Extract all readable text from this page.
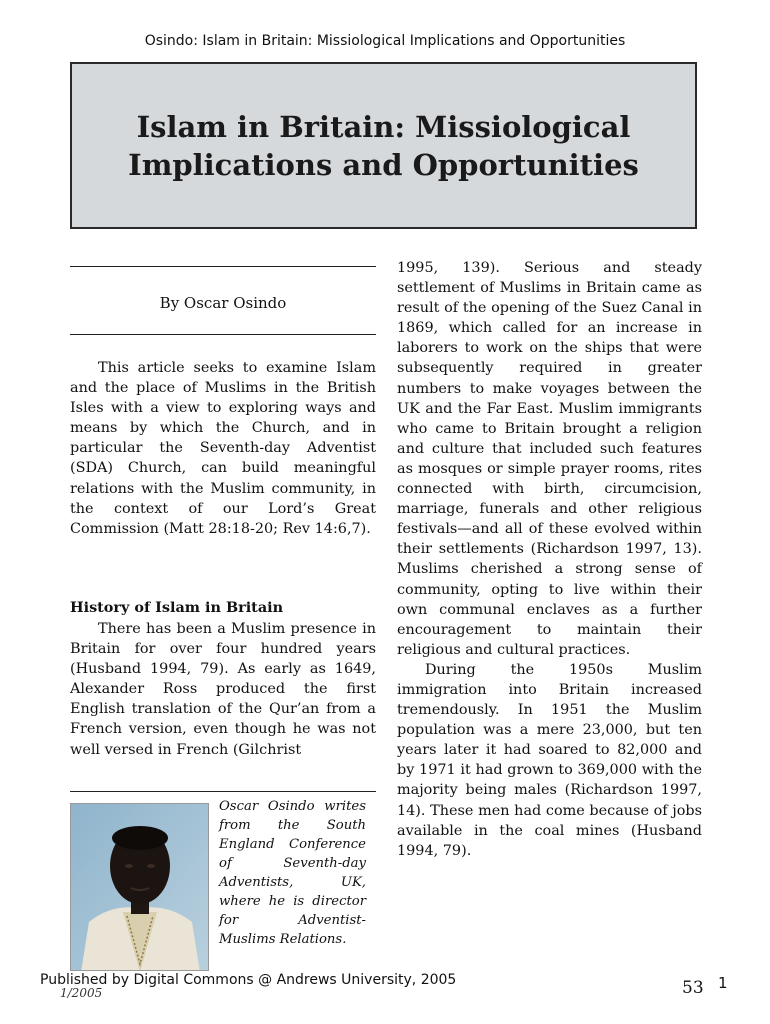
Osindo: Islam in Britain: Missiological Implications and Opportunities
Islam in Britain: Missiological
Implications and Opportunities
By Oscar Osindo

This article seeks to examine Islam and the place of Muslims in the British Isles with a view to exploring ways and means by which the Church, and in particular the Seventh-day Adventist (SDA) Church, can build meaningful relations with the Muslim community, in the context of our Lord’s Great Commission (Matt 28:18-20; Rev 14:6,7).

History of Islam in Britain

There has been a Muslim presence in Britain for over four hundred years (Husband 1994, 79). As early as 1649, Alexander Ross produced the first English translation of the Qur’an from a French version, even though he was not well versed in French (Gilchrist

Oscar Osindo writes from the South England Conference of Seventh-day Adventists, UK, where he is director for Adventist-Muslims Relations.

1995, 139). Serious and steady settlement of Muslims in Britain came as result of the opening of the Suez Canal in 1869, which called for an increase in laborers to work on the ships that were subsequently required in greater numbers to make voyages between the UK and the Far East. Muslim immigrants who came to Britain brought a religion and culture that included such features as mosques or simple prayer rooms, rites connected with birth, circumcision, marriage, funerals and other religious festivals—and all of these evolved within their settlements (Richardson 1997, 13). Muslims cherished a strong sense of community, opting to live within their own communal enclaves as a further encouragement to maintain their religious and cultural practices.

During the 1950s Muslim immigration into Britain increased tremendously. In 1951 the Muslim population was a mere 23,000, but ten years later it had soared to 82,000 and by 1971 it had grown to 369,000 with the majority being males (Richardson 1997, 14). These men had come because of jobs available in the coal mines (Husband 1994, 79).

Published by Digital Commons @ Andrews University, 2005
1/2005	53 1
